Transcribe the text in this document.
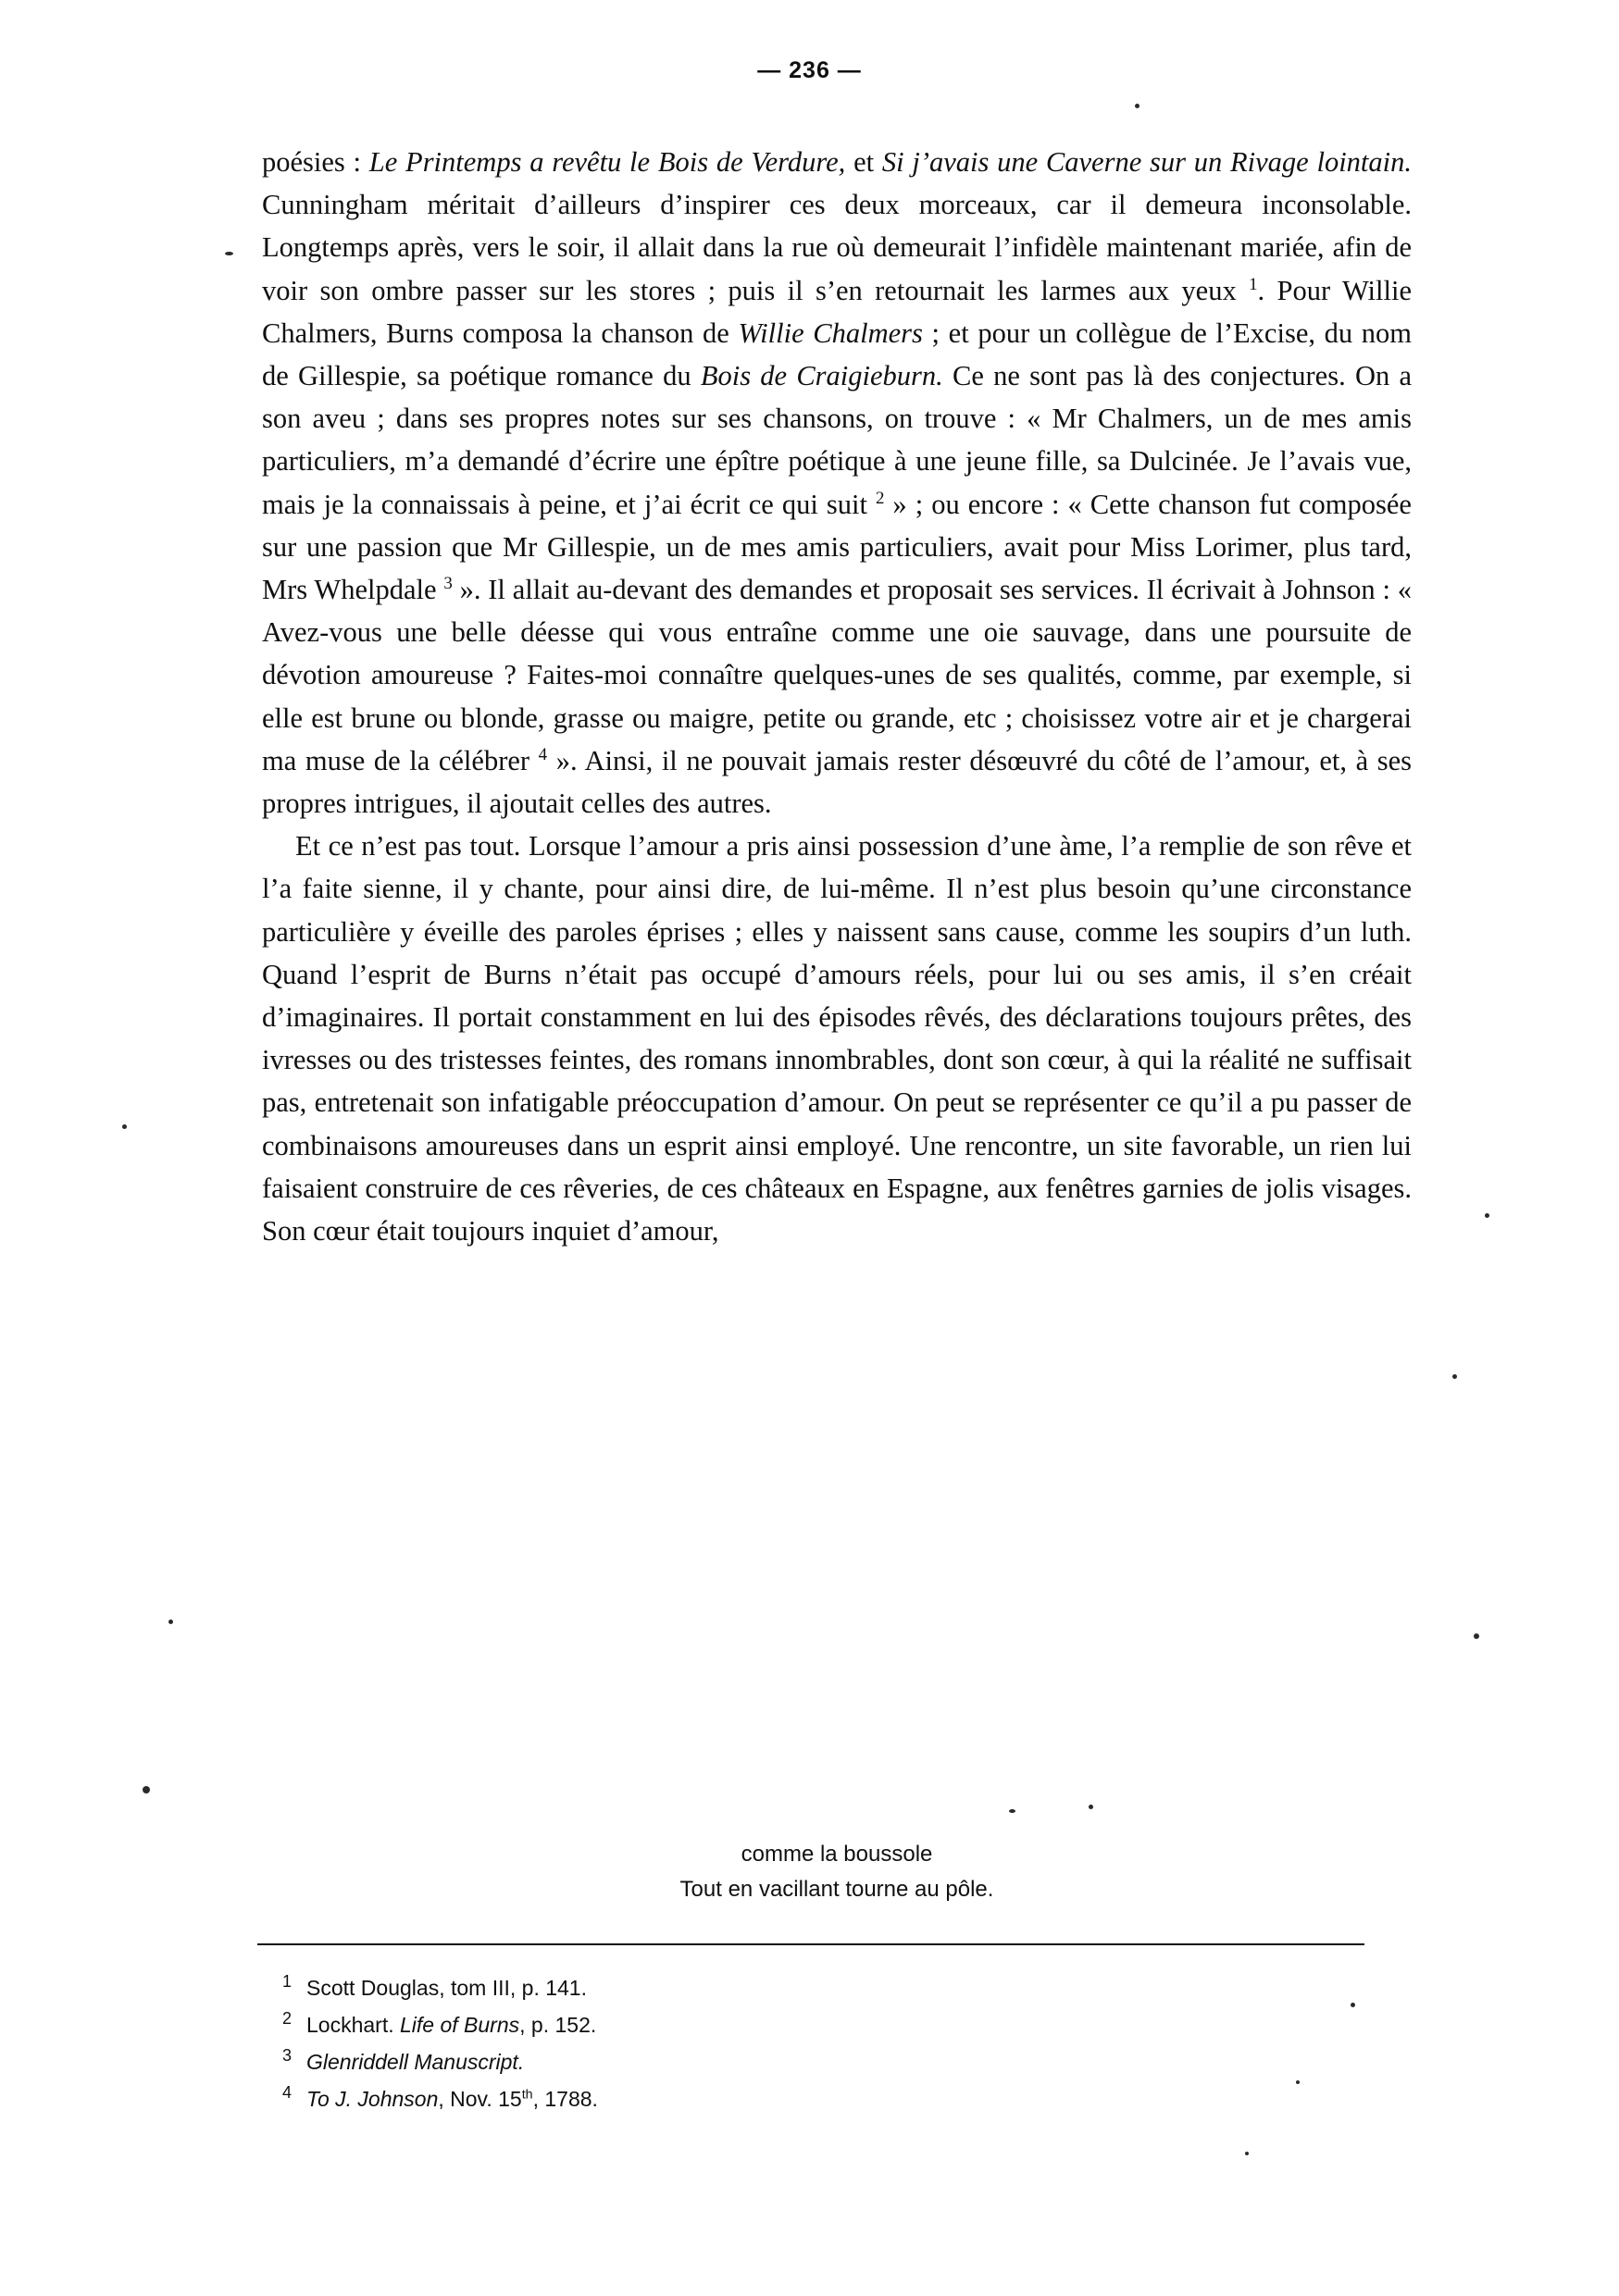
— 236 —

poésies : Le Printemps a revêtu le Bois de Verdure, et Si j’avais une Caverne sur un Rivage lointain. Cunningham méritait d’ailleurs d’inspirer ces deux morceaux, car il demeura inconsolable. Longtemps après, vers le soir, il allait dans la rue où demeurait l’infidèle maintenant mariée, afin de voir son ombre passer sur les stores ; puis il s’en retournait les larmes aux yeux $^1$. Pour Willie Chalmers, Burns composa la chanson de Willie Chalmers ; et pour un collègue de l’Excise, du nom de Gillespie, sa poétique romance du Bois de Craigieburn. Ce ne sont pas là des conjectures. On a son aveu ; dans ses propres notes sur ses chansons, on trouve : « Mr Chalmers, un de mes amis particuliers, m’a demandé d’écrire une épître poétique à une jeune fille, sa Dulcinée. Je l’avais vue, mais je la connaissais à peine, et j’ai écrit ce qui suit $^2$ » ; ou encore : « Cette chanson fut composée sur une passion que Mr Gillespie, un de mes amis particuliers, avait pour Miss Lorimer, plus tard, Mrs Whelpdale $^3$ ». Il allait au-devant des demandes et proposait ses services. Il écrivait à Johnson : « Avez-vous une belle déesse qui vous entraîne comme une oie sauvage, dans une poursuite de dévotion amoureuse ? Faites-moi connaître quelques-unes de ses qualités, comme, par exemple, si elle est brune ou blonde, grasse ou maigre, petite ou grande, etc ; choisissez votre air et je chargerai ma muse de la célébrer $^4$ ». Ainsi, il ne pouvait jamais rester désœuvré du côté de l’amour, et, à ses propres intrigues, il ajoutait celles des autres.

Et ce n’est pas tout. Lorsque l’amour a pris ainsi possession d’une àme, l’a remplie de son rêve et l’a faite sienne, il y chante, pour ainsi dire, de lui-même. Il n’est plus besoin qu’une circonstance particulière y éveille des paroles éprises ; elles y naissent sans cause, comme les soupirs d’un luth. Quand l’esprit de Burns n’était pas occupé d’amours réels, pour lui ou ses amis, il s’en créait d’imaginaires. Il portait constamment en lui des épisodes rêvés, des déclarations toujours prêtes, des ivresses ou des tristesses feintes, des romans innombrables, dont son cœur, à qui la réalité ne suffisait pas, entretenait son infatigable préoccupation d’amour. On peut se représenter ce qu’il a pu passer de combinaisons amoureuses dans un esprit ainsi employé. Une rencontre, un site favorable, un rien lui faisaient construire de ces rêveries, de ces châteaux en Espagne, aux fenêtres garnies de jolis visages. Son cœur était toujours inquiet d’amour,

comme la boussole
Tout en vacillant tourne au pôle.
1 Scott Douglas, tom III, p. 141.
2 Lockhart. Life of Burns, p. 152.
3 Glenriddell Manuscript.
4 To J. Johnson, Nov. 15th, 1788.
